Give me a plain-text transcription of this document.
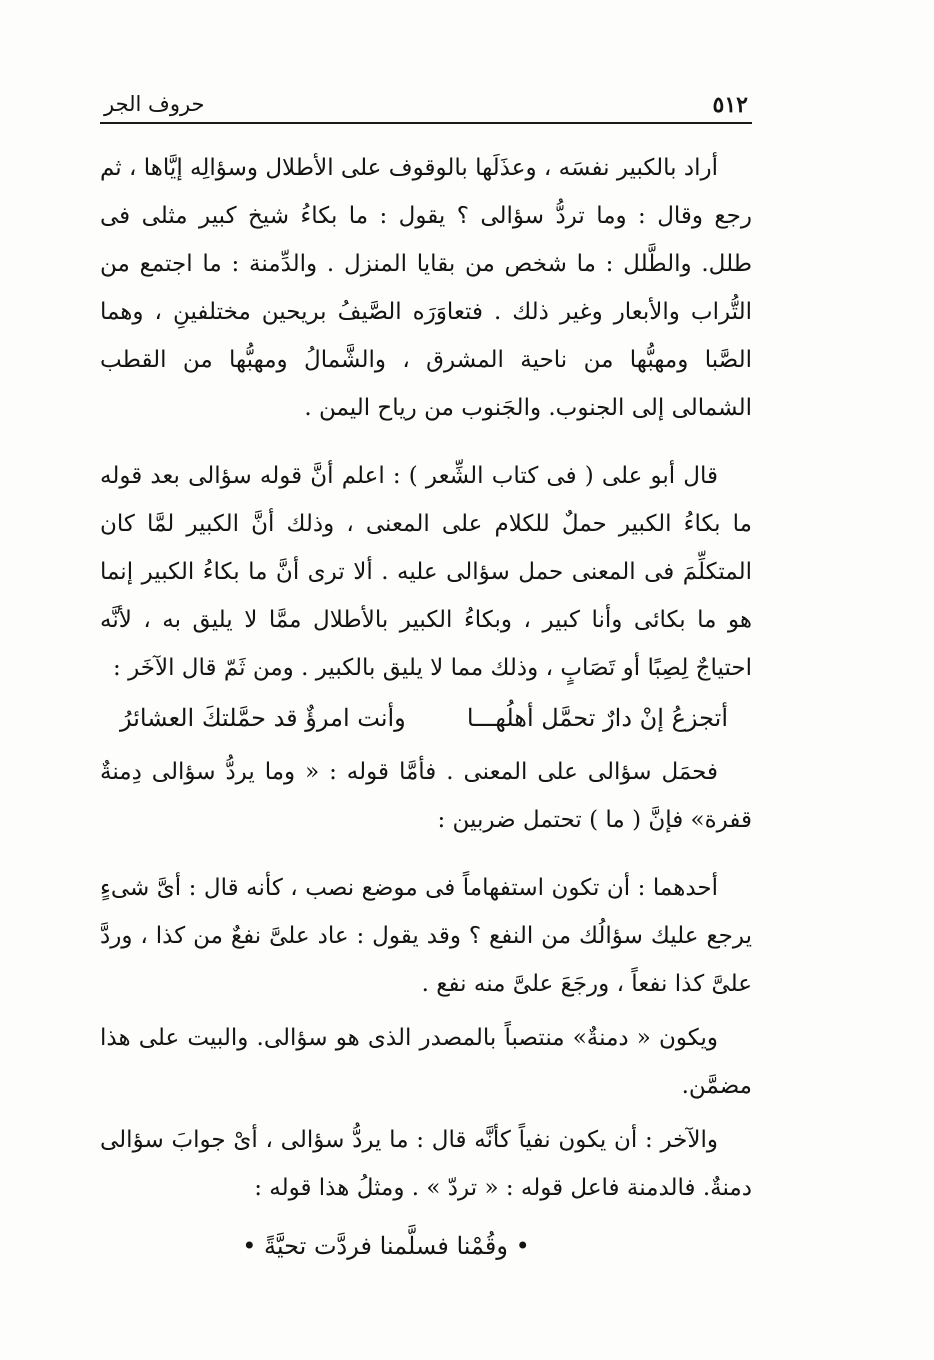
٥١٢
حروف الجر

أراد بالكبير نفسَه ، وعذَلَها بالوقوف على الأطلال وسؤالِه إيَّاها ، ثم رجع وقال : وما تردُّ سؤالى ؟ يقول : ما بكاءُ شيخ كبير مثلى فى طلل. والطَّلل : ما شخص من بقايا المنزل . والدِّمنة : ما اجتمع من التُّراب والأبعار وغير ذلك . فتعاوَرَه الصَّيفُ بريحين مختلفينِ ، وهما الصَّبا ومهبُّها من ناحية المشرق ، والشَّمالُ ومهبُّها من القطب الشمالى إلى الجنوب. والجَنوب من رياح اليمن .

قال أبو على ( فى كتاب الشِّعر ) : اعلم أنَّ قوله سؤالى بعد قوله ما بكاءُ الكبير حملٌ للكلام على المعنى ، وذلك أنَّ الكبير لمَّا كان المتكلِّمَ فى المعنى حمل سؤالى عليه . ألا ترى أنَّ ما بكاءُ الكبير إنما هو ما بكائى وأنا كبير ، وبكاءُ الكبير بالأطلال ممَّا لا يليق به ، لأنَّه احتياجٌ لِصِبًا أو تَصَابٍ ، وذلك مما لا يليق بالكبير . ومن ثَمّ قال الآخَر :

أتجزعُ إنْ دارٌ تحمَّل أهلُهـــا
وأنت امرؤٌ قد حمَّلتكَ العشائرُ

فحمَل سؤالى على المعنى . فأمَّا قوله : « وما يردُّ سؤالى دِمنةٌ قفرة» فإنَّ ( ما ) تحتمل ضربين :

أحدهما : أن تكون استفهاماً فى موضع نصب ، كأنه قال : أىَّ شىءٍ يرجع عليك سؤالُك من النفع ؟ وقد يقول : عاد علىَّ نفعٌ من كذا ، وردَّ علىَّ كذا نفعاً ، ورجَعَ علىَّ منه نفع .

ويكون « دمنةٌ» منتصباً بالمصدر الذى هو سؤالى. والبيت على هذا مضمَّن.

والآخر : أن يكون نفياً كأنَّه قال : ما يردُّ سؤالى ، أىْ جوابَ سؤالى دمنةٌ. فالدمنة فاعل قوله : « تردّ » . ومثلُ هذا قوله :

• وقُمْنا فسلَّمنا فردَّت تحيَّةً •
